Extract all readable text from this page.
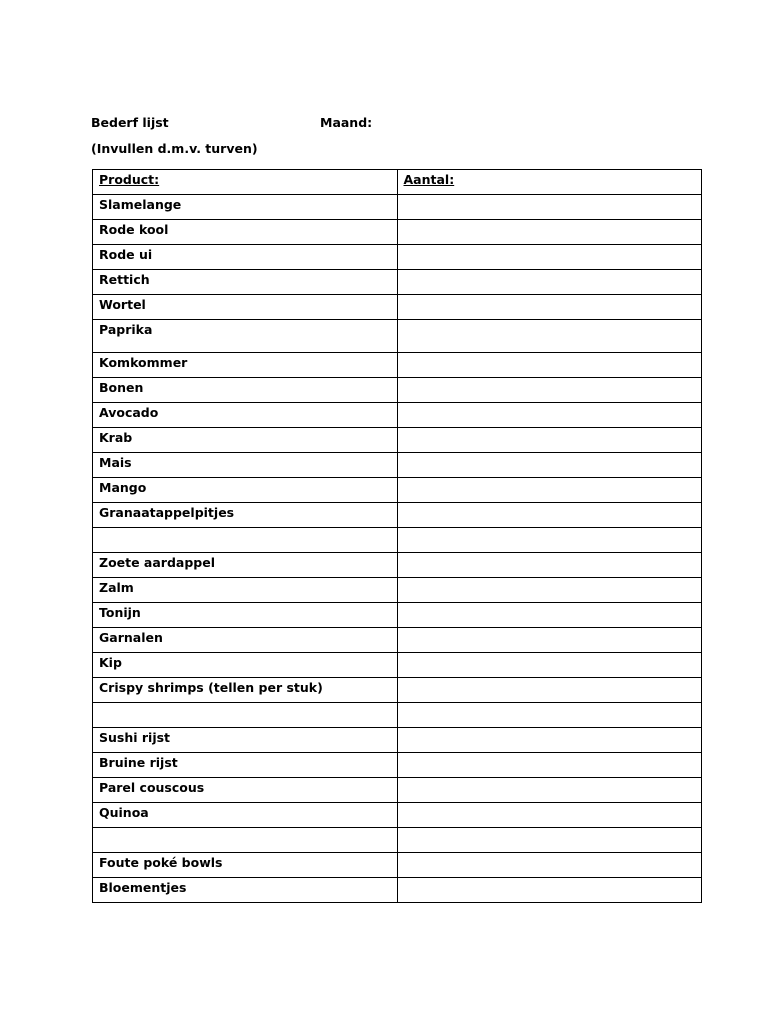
Bederf lijst	Maand:
(Invullen d.m.v. turven)
Product:	Aantal:
Slamelange	
Rode kool	
Rode ui	
Rettich	
Wortel	
Paprika	
Komkommer	
Bonen	
Avocado	
Krab	
Mais	
Mango	
Granaatappelpitjes	

Zoete aardappel	
Zalm	
Tonijn	
Garnalen	
Kip	
Crispy shrimps (tellen per stuk)	

Sushi rijst	
Bruine rijst	
Parel couscous	
Quinoa	

Foute poké bowls	
Bloementjes	
